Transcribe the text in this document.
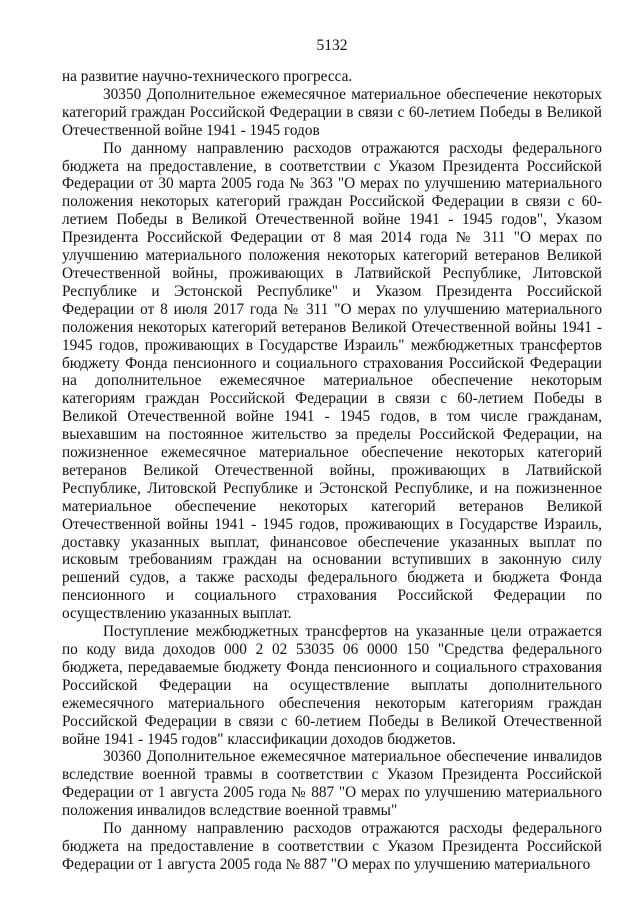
5132

на развитие научно-технического прогресса.

30350 Дополнительное ежемесячное материальное обеспечение некоторых категорий граждан Российской Федерации в связи с 60-летием Победы в Великой Отечественной войне 1941 - 1945 годов

По данному направлению расходов отражаются расходы федерального бюджета на предоставление, в соответствии с Указом Президента Российской Федерации от 30 марта 2005 года № 363 "О мерах по улучшению материального положения некоторых категорий граждан Российской Федерации в связи с 60-летием Победы в Великой Отечественной войне 1941 - 1945 годов", Указом Президента Российской Федерации от 8 мая 2014 года № 311 "О мерах по улучшению материального положения некоторых категорий ветеранов Великой Отечественной войны, проживающих в Латвийской Республике, Литовской Республике и Эстонской Республике" и Указом Президента Российской Федерации от 8 июля 2017 года № 311 "О мерах по улучшению материального положения некоторых категорий ветеранов Великой Отечественной войны 1941 - 1945 годов, проживающих в Государстве Израиль" межбюджетных трансфертов бюджету Фонда пенсионного и социального страхования Российской Федерации на дополнительное ежемесячное материальное обеспечение некоторым категориям граждан Российской Федерации в связи с 60-летием Победы в Великой Отечественной войне 1941 - 1945 годов, в том числе гражданам, выехавшим на постоянное жительство за пределы Российской Федерации, на пожизненное ежемесячное материальное обеспечение некоторых категорий ветеранов Великой Отечественной войны, проживающих в Латвийской Республике, Литовской Республике и Эстонской Республике, и на пожизненное материальное обеспечение некоторых категорий ветеранов Великой Отечественной войны 1941 - 1945 годов, проживающих в Государстве Израиль, доставку указанных выплат, финансовое обеспечение указанных выплат по исковым требованиям граждан на основании вступивших в законную силу решений судов, а также расходы федерального бюджета и бюджета Фонда пенсионного и социального страхования Российской Федерации по осуществлению указанных выплат.

Поступление межбюджетных трансфертов на указанные цели отражается по коду вида доходов 000 2 02 53035 06 0000 150 "Средства федерального бюджета, передаваемые бюджету Фонда пенсионного и социального страхования Российской Федерации на осуществление выплаты дополнительного ежемесячного материального обеспечения некоторым категориям граждан Российской Федерации в связи с 60-летием Победы в Великой Отечественной войне 1941 - 1945 годов" классификации доходов бюджетов.

30360 Дополнительное ежемесячное материальное обеспечение инвалидов вследствие военной травмы в соответствии с Указом Президента Российской Федерации от 1 августа 2005 года № 887 "О мерах по улучшению материального положения инвалидов вследствие военной травмы"

По данному направлению расходов отражаются расходы федерального бюджета на предоставление в соответствии с Указом Президента Российской Федерации от 1 августа 2005 года № 887 "О мерах по улучшению материального
